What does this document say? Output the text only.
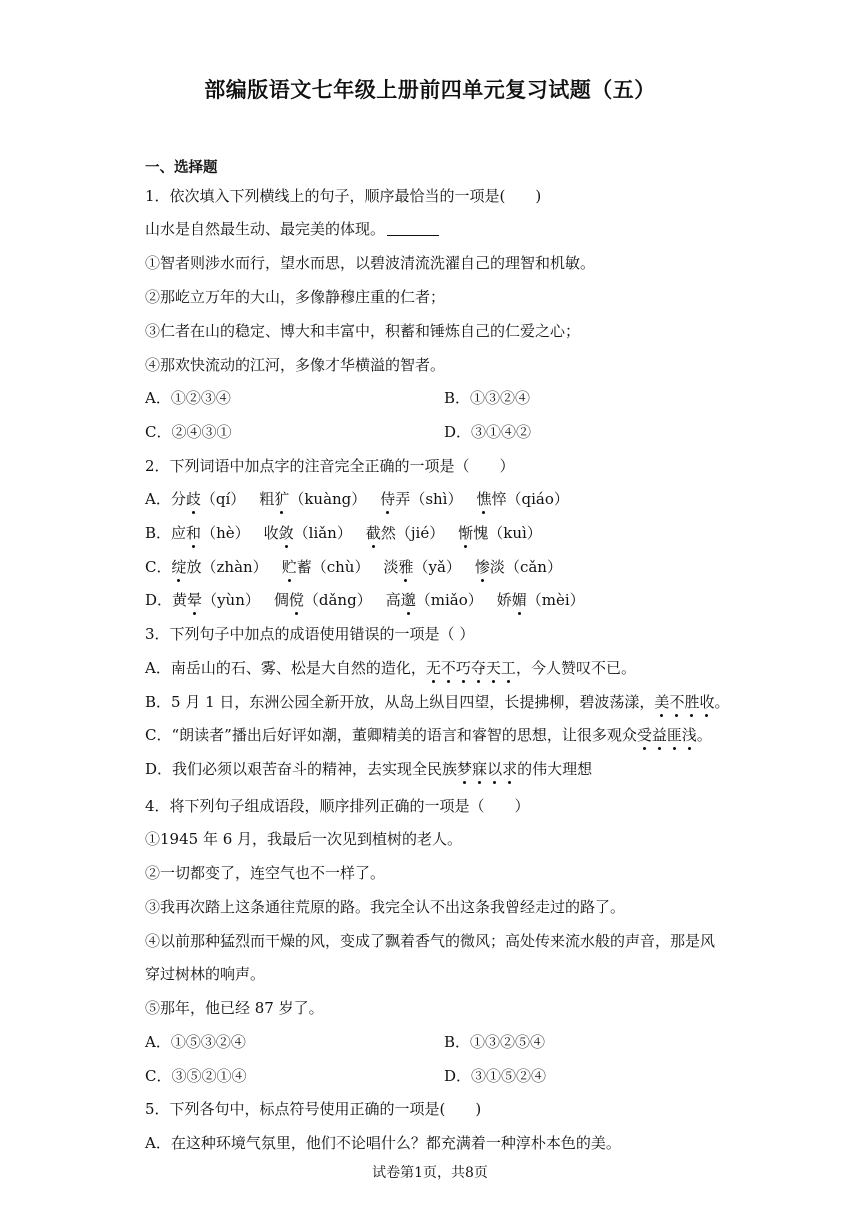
部编版语文七年级上册前四单元复习试题（五）
一、选择题
1．依次填入下列横线上的句子，顺序最恰当的一项是(　　)
山水是自然最生动、最完美的体现。
①智者则涉水而行，望水而思，以碧波清流洗濯自己的理智和机敏。
②那屹立万年的大山，多像静穆庄重的仁者；
③仁者在山的稳定、博大和丰富中，积蓄和锤炼自己的仁爱之心；
④那欢快流动的江河，多像才华横溢的智者。
A．①②③④	B．①③②④
C．②④③①	D．③①④②
2．下列词语中加点字的注音完全正确的一项是（　　）
A．分歧（qí） 粗犷（kuàng） 侍弄（shì） 憔悴（qiáo）
B．应和（hè） 收敛（liǎn） 截然（jié） 惭愧（kuì）
C．绽放（zhàn） 贮蓄（chù） 淡雅（yǎ） 惨淡（cǎn）
D．黄晕（yùn） 倜傥（dǎng） 高邈（miǎo） 娇媚（mèi）
3．下列句子中加点的成语使用错误的一项是（ ）
A．南岳山的石、雾、松是大自然的造化，无不巧夺天工，今人赞叹不已。
B．5 月 1 日，东洲公园全新开放，从岛上纵目四望，长提拂柳，碧波荡漾，美不胜收。
C．“朗读者”播出后好评如潮，董卿精美的语言和睿智的思想，让很多观众受益匪浅。
D．我们必须以艰苦奋斗的精神，去实现全民族梦寐以求的伟大理想
4．将下列句子组成语段，顺序排列正确的一项是（　　）
①1945 年 6 月，我最后一次见到植树的老人。
②一切都变了，连空气也不一样了。
③我再次踏上这条通往荒原的路。我完全认不出这条我曾经走过的路了。
④以前那种猛烈而干燥的风，变成了飘着香气的微风；高处传来流水般的声音，那是风
穿过树林的响声。
⑤那年，他已经 87 岁了。
A．①⑤③②④	B．①③②⑤④
C．③⑤②①④	D．③①⑤②④
5．下列各句中，标点符号使用正确的一项是(　　)
A．在这种环境气氛里，他们不论唱什么？都充满着一种淳朴本色的美。
试卷第1页，共8页
